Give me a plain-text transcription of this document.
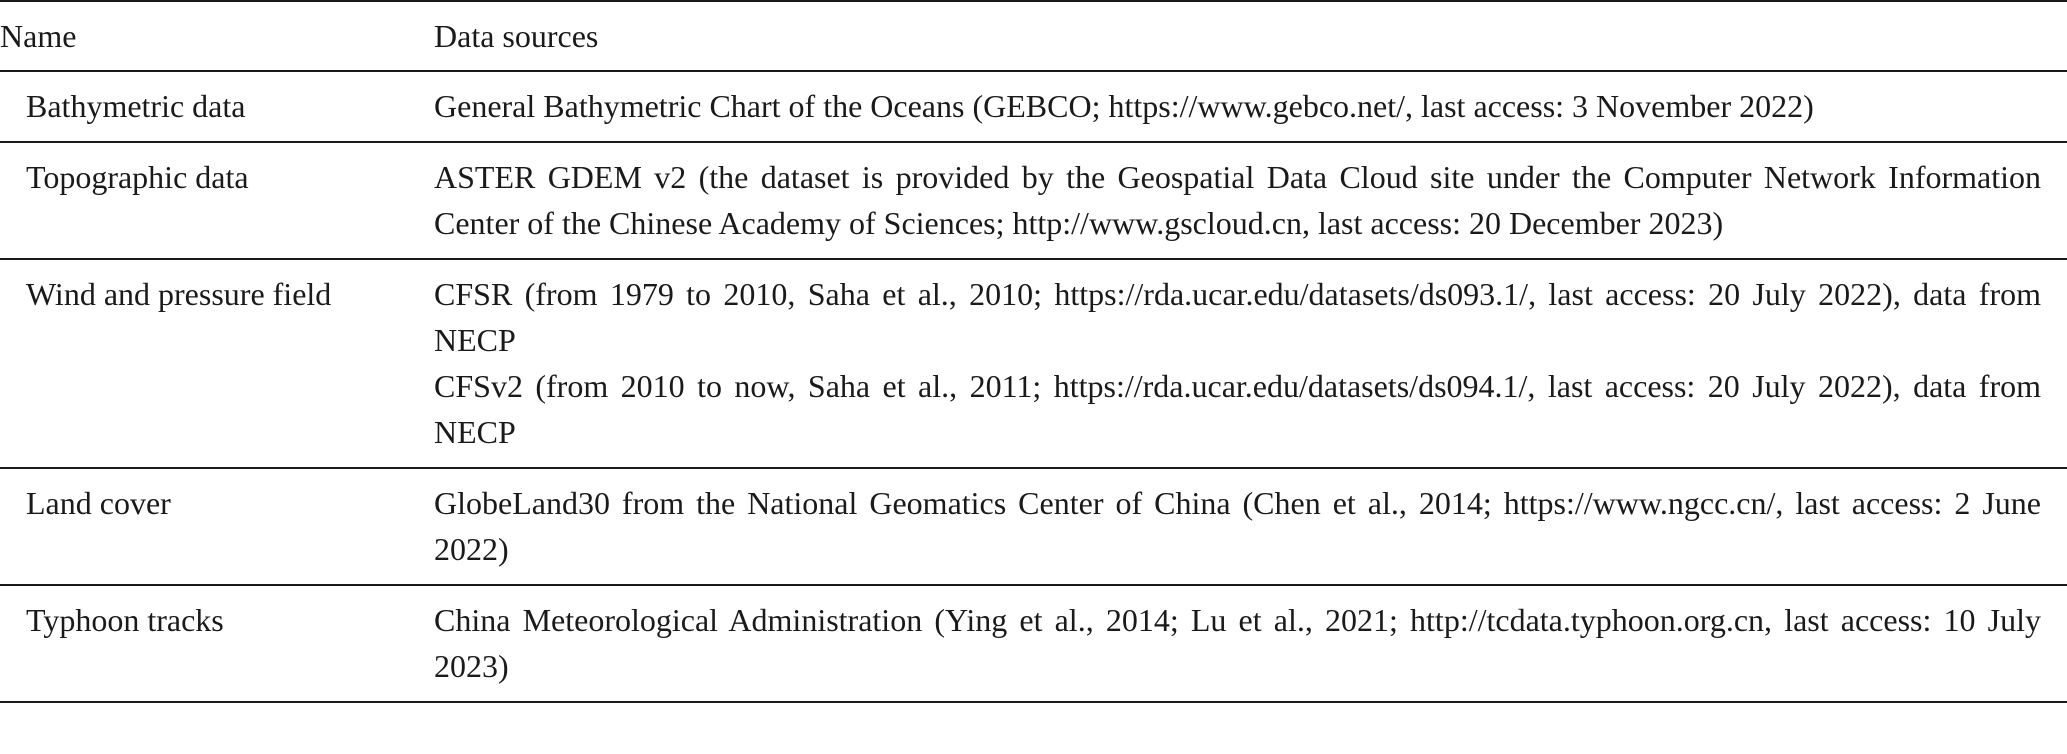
Name	Data sources
Bathymetric data	General Bathymetric Chart of the Oceans (GEBCO; https://www.gebco.net/, last access: 3 November 2022)

Topographic data	ASTER GDEM v2 (the dataset is provided by the Geospatial Data Cloud site under the Computer Network Information Center of the Chinese Academy of Sciences; http://www.gscloud.cn, last access: 20 December 2023)

Wind and pressure field	CFSR (from 1979 to 2010, Saha et al., 2010; https://rda.ucar.edu/datasets/ds093.1/, last access: 20 July 2022), data from NECP
CFSv2 (from 2010 to now, Saha et al., 2011; https://rda.ucar.edu/datasets/ds094.1/, last access: 20 July 2022), data from NECP

Land cover	GlobeLand30 from the National Geomatics Center of China (Chen et al., 2014; https://www.ngcc.cn/, last access: 2 June 2022)

Typhoon tracks	China Meteorological Administration (Ying et al., 2014; Lu et al., 2021; http://tcdata.typhoon.org.cn, last access: 10 July 2023)
